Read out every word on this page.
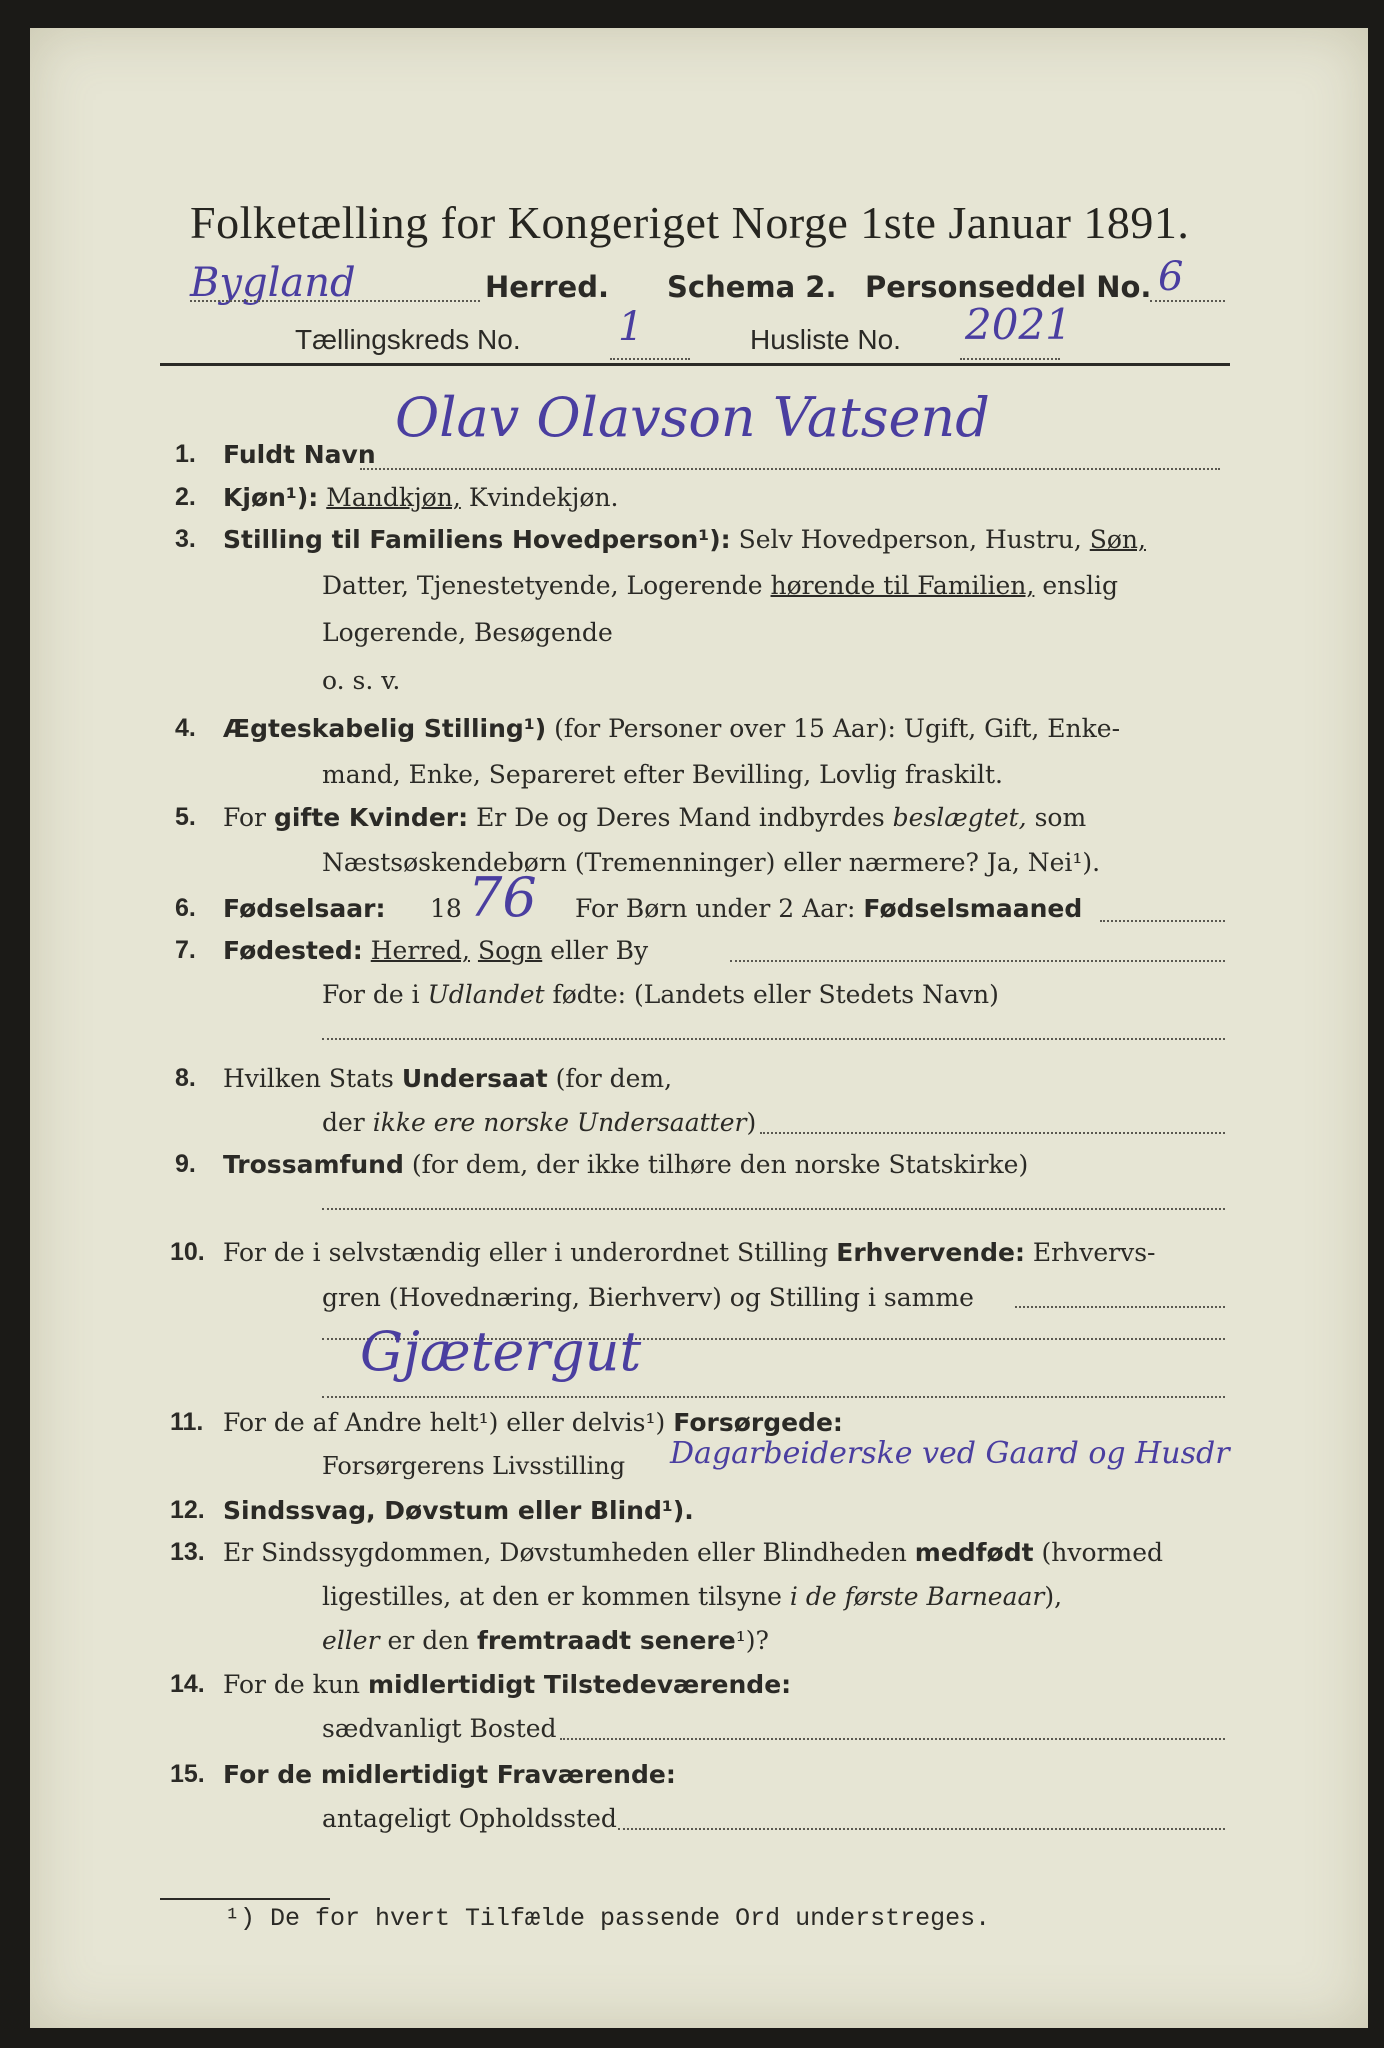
Folketælling for Kongeriget Norge 1ste Januar 1891.
Bygland	Herred. Schema 2. Personseddel No. 6
Tællingskreds No. 1	Husliste No. 2021
1. Fuldt Navn
Olav Olavson Vatsend
2. Kjøn¹): Mandkjøn, Kvindekjøn.
3. Stilling til Familiens Hovedperson¹): Selv Hovedperson, Hustru, Søn,
Datter, Tjenestetyende, Logerende hørende til Familien, enslig
Logerende, Besøgende
o. s. v.
4. Ægteskabelig Stilling¹) (for Personer over 15 Aar): Ugift, Gift, Enke-
mand, Enke, Separeret efter Bevilling, Lovlig fraskilt.
5. For gifte Kvinder: Er De og Deres Mand indbyrdes beslægtet, som
Næstsøskendebørn (Tremenninger) eller nærmere? Ja, Nei¹).
6. Fødselsaar: 18 76 For Børn under 2 Aar: Fødselsmaaned
7. Fødested: Herred, Sogn eller By
For de i Udlandet fødte: (Landets eller Stedets Navn)
8. Hvilken Stats Undersaat (for dem,
der ikke ere norske Undersaatter)
9. Trossamfund (for dem, der ikke tilhøre den norske Statskirke)
10. For de i selvstændig eller i underordnet Stilling Erhvervende: Erhvervs-
gren (Hovednæring, Bierhverv) og Stilling i samme
Gjætergut
11. For de af Andre helt¹) eller delvis¹) Forsørgede:
Forsørgerens Livsstilling Dagarbeiderske ved Gaard og Husdr
12. Sindssvag, Døvstum eller Blind¹).
13. Er Sindssygdommen, Døvstumheden eller Blindheden medfødt (hvormed
ligestilles, at den er kommen tilsyne i de første Barneaar),
eller er den fremtraadt senere¹)?
14. For de kun midlertidigt Tilstedeværende:
sædvanligt Bosted
15. For de midlertidigt Fraværende:
antageligt Opholdssted
¹) De for hvert Tilfælde passende Ord understreges.
